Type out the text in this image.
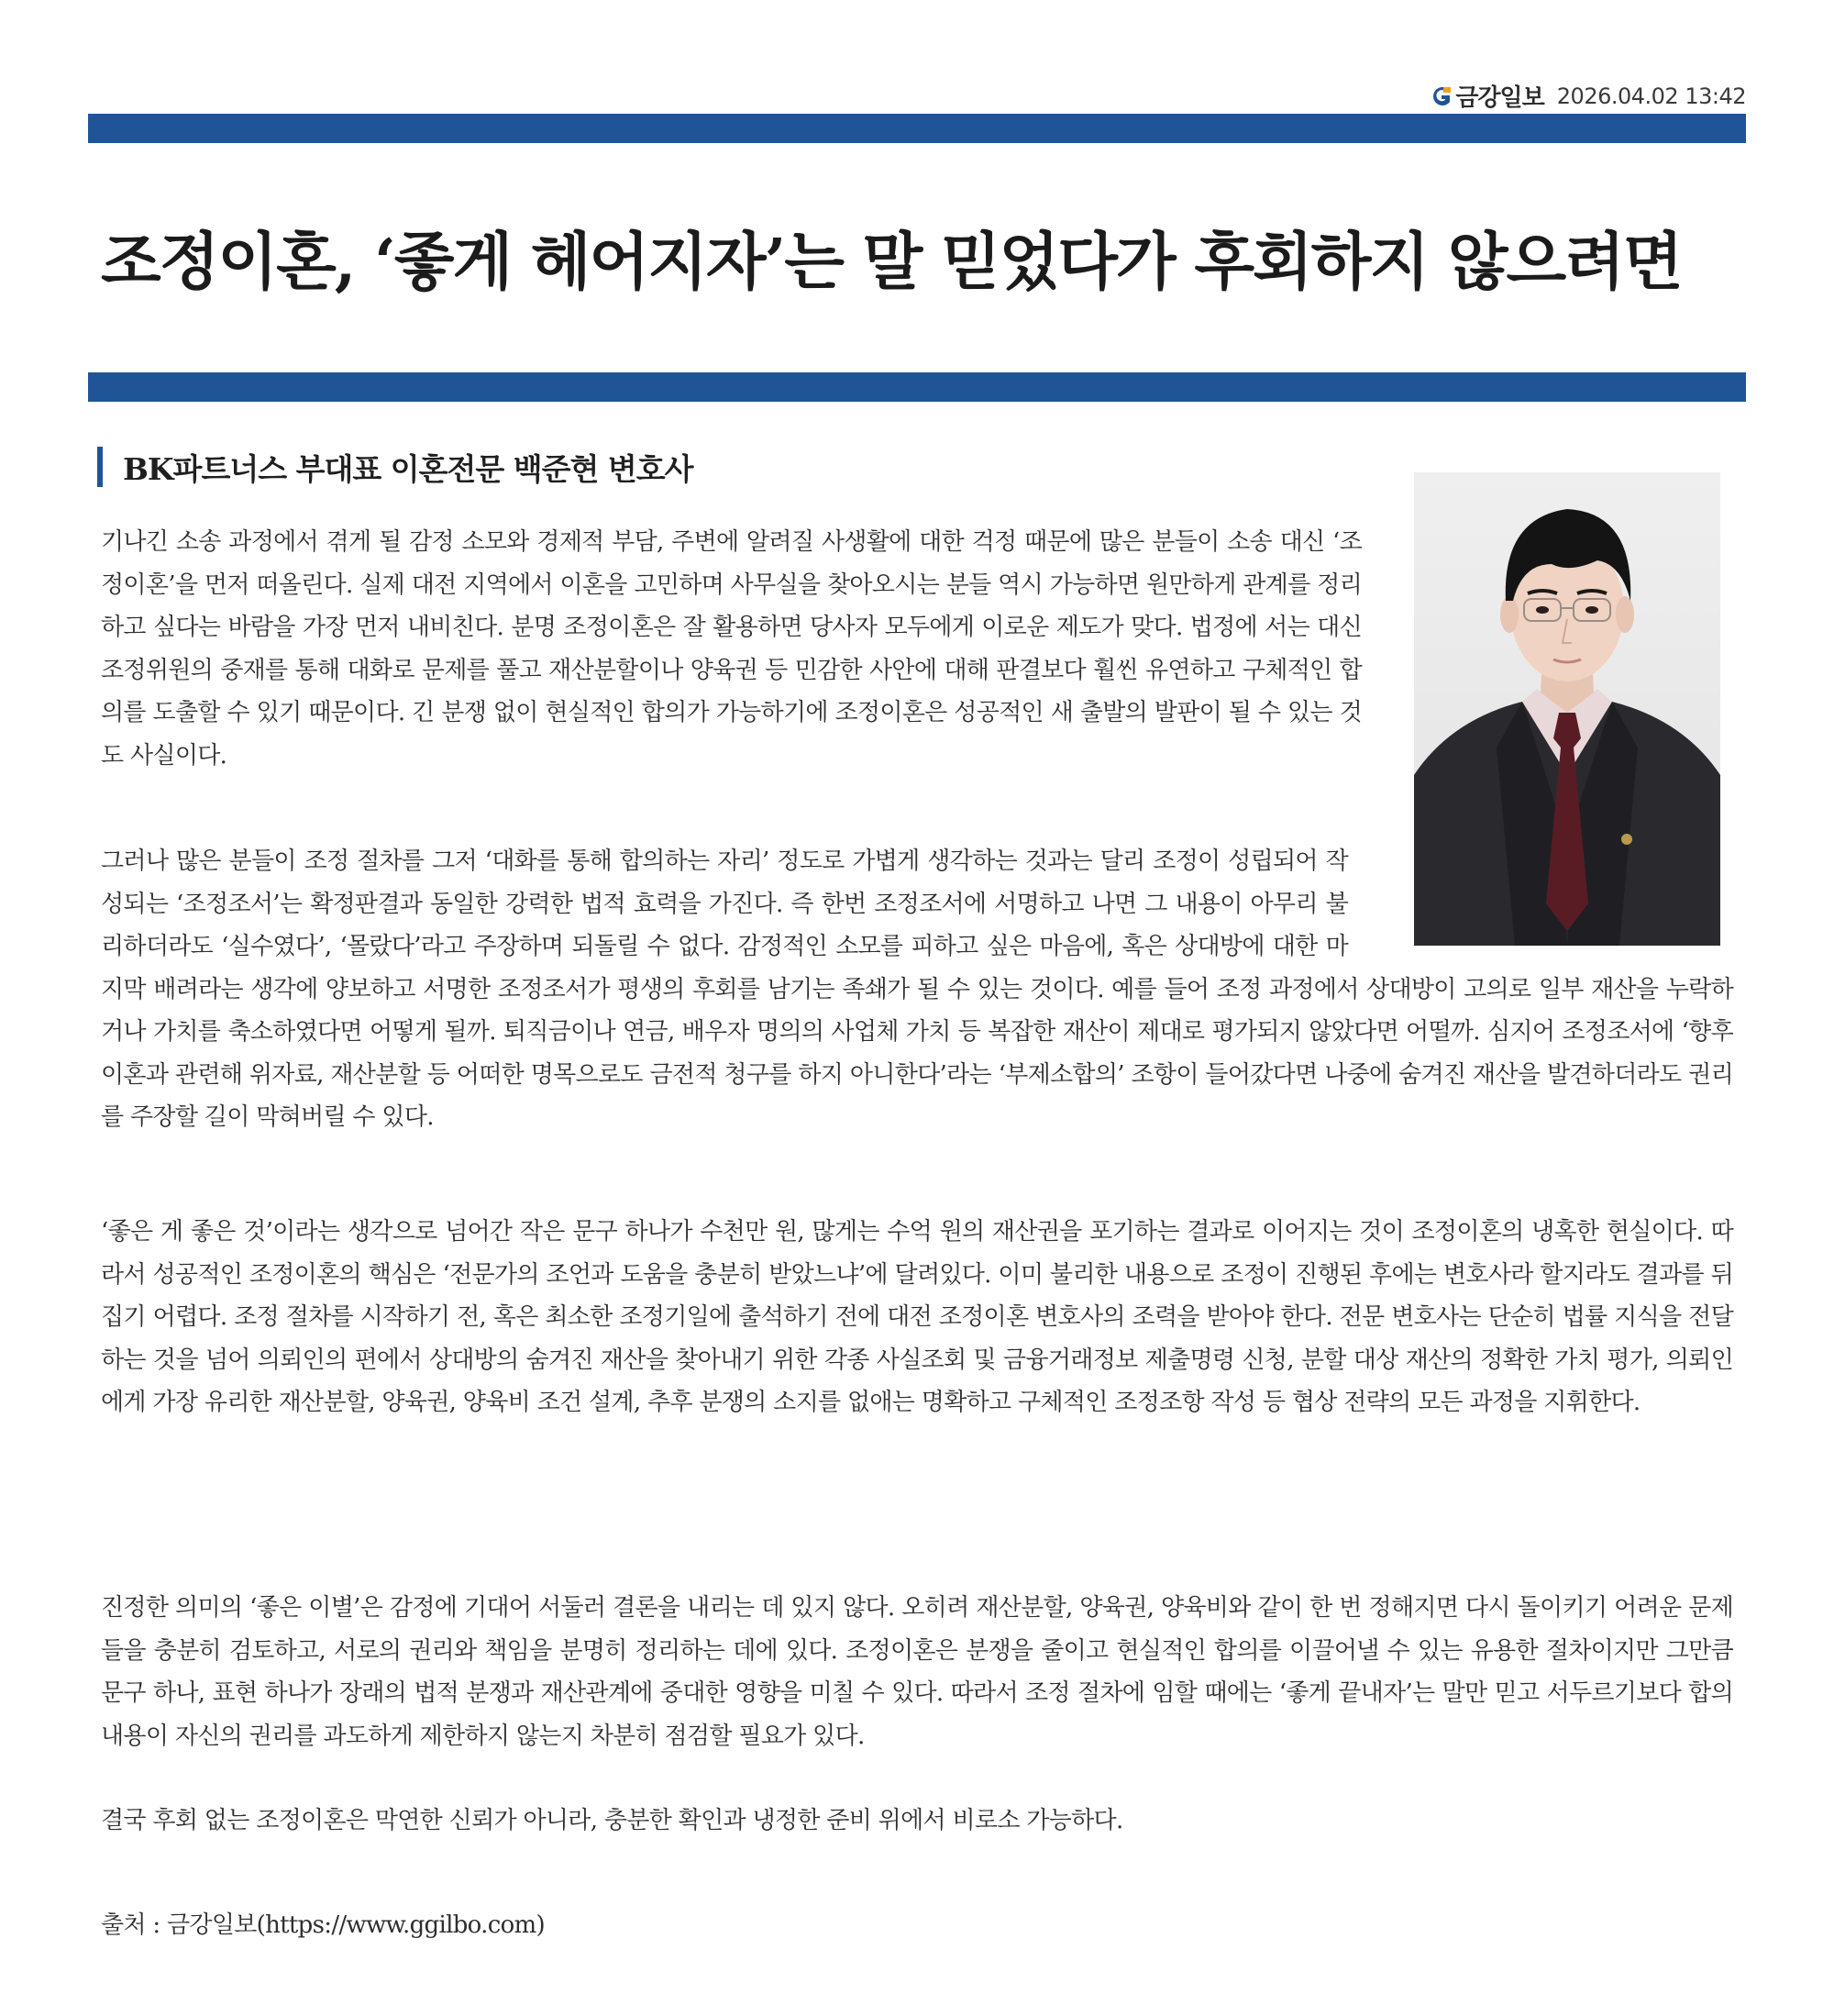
금강일보 2026.04.02 13:42
조정이혼, ‘좋게 헤어지자’는 말 믿었다가 후회하지 않으려면
BK파트너스 부대표 이혼전문 백준현 변호사

기나긴 소송 과정에서 겪게 될 감정 소모와 경제적 부담, 주변에 알려질 사생활에 대한 걱정 때문에 많은 분들이 소송 대신 ‘조정이혼’을 먼저 떠올린다. 실제 대전 지역에서 이혼을 고민하며 사무실을 찾아오시는 분들 역시 가능하면 원만하게 관계를 정리하고 싶다는 바람을 가장 먼저 내비친다. 분명 조정이혼은 잘 활용하면 당사자 모두에게 이로운 제도가 맞다. 법정에 서는 대신 조정위원의 중재를 통해 대화로 문제를 풀고 재산분할이나 양육권 등 민감한 사안에 대해 판결보다 훨씬 유연하고 구체적인 합의를 도출할 수 있기 때문이다. 긴 분쟁 없이 현실적인 합의가 가능하기에 조정이혼은 성공적인 새 출발의 발판이 될 수 있는 것도 사실이다.

그러나 많은 분들이 조정 절차를 그저 ‘대화를 통해 합의하는 자리’ 정도로 가볍게 생각하는 것과는 달리 조정이 성립되어 작성되는 ‘조정조서’는 확정판결과 동일한 강력한 법적 효력을 가진다. 즉 한번 조정조서에 서명하고 나면 그 내용이 아무리 불리하더라도 ‘실수였다’, ‘몰랐다’라고 주장하며 되돌릴 수 없다. 감정적인 소모를 피하고 싶은 마음에, 혹은 상대방에 대한 마지막 배려라는 생각에 양보하고 서명한 조정조서가 평생의 후회를 남기는 족쇄가 될 수 있는 것이다. 예를 들어 조정 과정에서 상대방이 고의로 일부 재산을 누락하거나 가치를 축소하였다면 어떻게 될까. 퇴직금이나 연금, 배우자 명의의 사업체 가치 등 복잡한 재산이 제대로 평가되지 않았다면 어떨까. 심지어 조정조서에 ‘향후 이혼과 관련해 위자료, 재산분할 등 어떠한 명목으로도 금전적 청구를 하지 아니한다’라는 ‘부제소합의’ 조항이 들어갔다면 나중에 숨겨진 재산을 발견하더라도 권리를 주장할 길이 막혀버릴 수 있다.

‘좋은 게 좋은 것’이라는 생각으로 넘어간 작은 문구 하나가 수천만 원, 많게는 수억 원의 재산권을 포기하는 결과로 이어지는 것이 조정이혼의 냉혹한 현실이다. 따라서 성공적인 조정이혼의 핵심은 ‘전문가의 조언과 도움을 충분히 받았느냐’에 달려있다. 이미 불리한 내용으로 조정이 진행된 후에는 변호사라 할지라도 결과를 뒤집기 어렵다. 조정 절차를 시작하기 전, 혹은 최소한 조정기일에 출석하기 전에 대전 조정이혼 변호사의 조력을 받아야 한다. 전문 변호사는 단순히 법률 지식을 전달하는 것을 넘어 의뢰인의 편에서 상대방의 숨겨진 재산을 찾아내기 위한 각종 사실조회 및 금융거래정보 제출명령 신청, 분할 대상 재산의 정확한 가치 평가, 의뢰인에게 가장 유리한 재산분할, 양육권, 양육비 조건 설계, 추후 분쟁의 소지를 없애는 명확하고 구체적인 조정조항 작성 등 협상 전략의 모든 과정을 지휘한다.

진정한 의미의 ‘좋은 이별’은 감정에 기대어 서둘러 결론을 내리는 데 있지 않다. 오히려 재산분할, 양육권, 양육비와 같이 한 번 정해지면 다시 돌이키기 어려운 문제들을 충분히 검토하고, 서로의 권리와 책임을 분명히 정리하는 데에 있다. 조정이혼은 분쟁을 줄이고 현실적인 합의를 이끌어낼 수 있는 유용한 절차이지만 그만큼 문구 하나, 표현 하나가 장래의 법적 분쟁과 재산관계에 중대한 영향을 미칠 수 있다. 따라서 조정 절차에 임할 때에는 ‘좋게 끝내자’는 말만 믿고 서두르기보다 합의 내용이 자신의 권리를 과도하게 제한하지 않는지 차분히 점검할 필요가 있다.

결국 후회 없는 조정이혼은 막연한 신뢰가 아니라, 충분한 확인과 냉정한 준비 위에서 비로소 가능하다.

출처 : 금강일보(https://www.ggilbo.com)
